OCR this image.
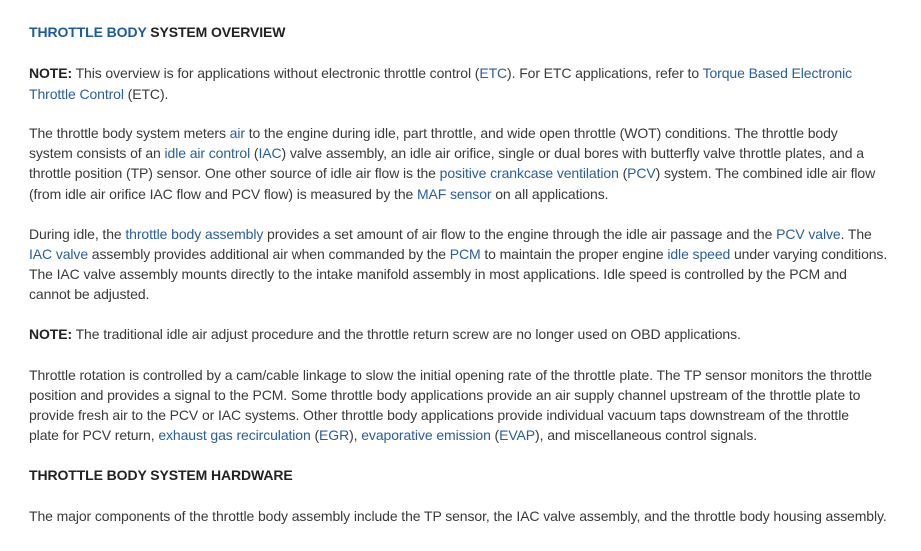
THROTTLE BODY SYSTEM OVERVIEW
NOTE: This overview is for applications without electronic throttle control (ETC). For ETC applications, refer to Torque Based Electronic
Throttle Control (ETC).
The throttle body system meters air to the engine during idle, part throttle, and wide open throttle (WOT) conditions. The throttle body
system consists of an idle air control (IAC) valve assembly, an idle air orifice, single or dual bores with butterfly valve throttle plates, and a
throttle position (TP) sensor. One other source of idle air flow is the positive crankcase ventilation (PCV) system. The combined idle air flow
(from idle air orifice IAC flow and PCV flow) is measured by the MAF sensor on all applications.
During idle, the throttle body assembly provides a set amount of air flow to the engine through the idle air passage and the PCV valve. The
IAC valve assembly provides additional air when commanded by the PCM to maintain the proper engine idle speed under varying conditions.
The IAC valve assembly mounts directly to the intake manifold assembly in most applications. Idle speed is controlled by the PCM and
cannot be adjusted.
NOTE: The traditional idle air adjust procedure and the throttle return screw are no longer used on OBD applications.
Throttle rotation is controlled by a cam/cable linkage to slow the initial opening rate of the throttle plate. The TP sensor monitors the throttle
position and provides a signal to the PCM. Some throttle body applications provide an air supply channel upstream of the throttle plate to
provide fresh air to the PCV or IAC systems. Other throttle body applications provide individual vacuum taps downstream of the throttle
plate for PCV return, exhaust gas recirculation (EGR), evaporative emission (EVAP), and miscellaneous control signals.
THROTTLE BODY SYSTEM HARDWARE
The major components of the throttle body assembly include the TP sensor, the IAC valve assembly, and the throttle body housing assembly.
